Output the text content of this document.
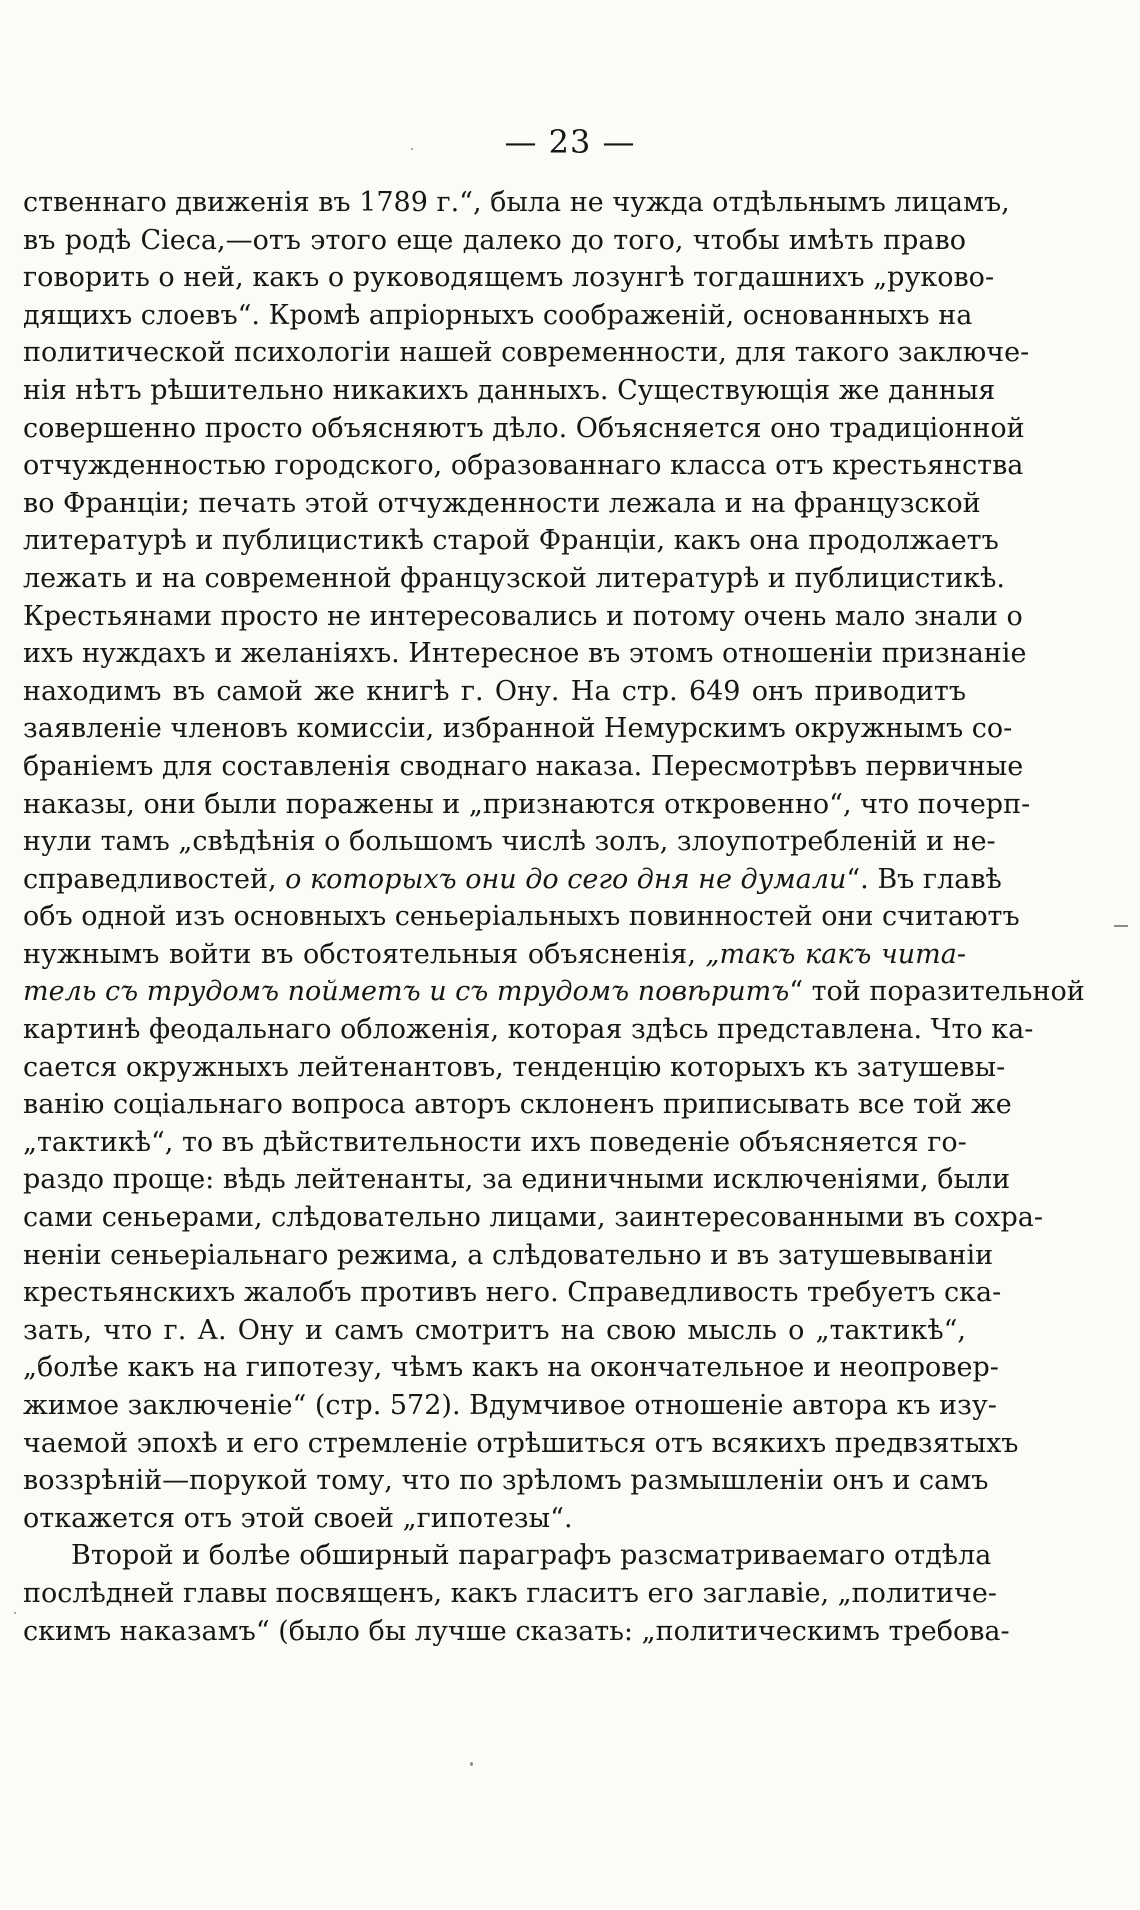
— 23 —
ственнаго движенія въ 1789 г.“, была не чужда отдѣльнымъ лицамъ,
въ родѣ Сіеса,—отъ этого еще далеко до того, чтобы имѣть право
говорить о ней, какъ о руководящемъ лозунгѣ тогдашнихъ „руково-
дящихъ слоевъ“. Кромѣ апріорныхъ соображеній, основанныхъ на
политической психологіи нашей современности, для такого заключе-
нія нѣтъ рѣшительно никакихъ данныхъ. Существующія же данныя
совершенно просто объясняютъ дѣло. Объясняется оно традиціонной
отчужденностью городского, образованнаго класса отъ крестьянства
во Франціи; печать этой отчужденности лежала и на французской
литературѣ и публицистикѣ старой Франціи, какъ она продолжаетъ
лежать и на современной французской литературѣ и публицистикѣ.
Крестьянами просто не интересовались и потому очень мало знали о
ихъ нуждахъ и желаніяхъ. Интересное въ этомъ отношеніи признаніе
находимъ въ самой же книгѣ г. Ону. На стр. 649 онъ приводитъ
заявленіе членовъ комиссіи, избранной Немурскимъ окружнымъ со-
браніемъ для составленія своднаго наказа. Пересмотрѣвъ первичные
наказы, они были поражены и „признаются откровенно“, что почерп-
нули тамъ „свѣдѣнія о большомъ числѣ золъ, злоупотребленій и не-
справедливостей, о которыхъ они до сего дня не думали“. Въ главѣ
объ одной изъ основныхъ сеньеріальныхъ повинностей они считаютъ
нужнымъ войти въ обстоятельныя объясненія, „такъ какъ чита-
тель съ трудомъ пойметъ и съ трудомъ повѣритъ“ той поразительной
картинѣ феодальнаго обложенія, которая здѣсь представлена. Что ка-
сается окружныхъ лейтенантовъ, тенденцію которыхъ къ затушевы-
ванію соціальнаго вопроса авторъ склоненъ приписывать все той же
„тактикѣ“, то въ дѣйствительности ихъ поведеніе объясняется го-
раздо проще: вѣдь лейтенанты, за единичными исключеніями, были
сами сеньерами, слѣдовательно лицами, заинтересованными въ сохра-
неніи сеньеріальнаго режима, а слѣдовательно и въ затушевываніи
крестьянскихъ жалобъ противъ него. Справедливость требуетъ ска-
зать, что г. А. Ону и самъ смотритъ на свою мысль о „тактикѣ“,
„болѣе какъ на гипотезу, чѣмъ какъ на окончательное и неопровер-
жимое заключеніе“ (стр. 572). Вдумчивое отношеніе автора къ изу-
чаемой эпохѣ и его стремленіе отрѣшиться отъ всякихъ предвзятыхъ
воззрѣній—порукой тому, что по зрѣломъ размышленіи онъ и самъ
откажется отъ этой своей „гипотезы“.
Второй и болѣе обширный параграфъ разсматриваемаго отдѣла
послѣдней главы посвященъ, какъ гласитъ его заглавіе, „политиче-
скимъ наказамъ“ (было бы лучше сказать: „политическимъ требова-
